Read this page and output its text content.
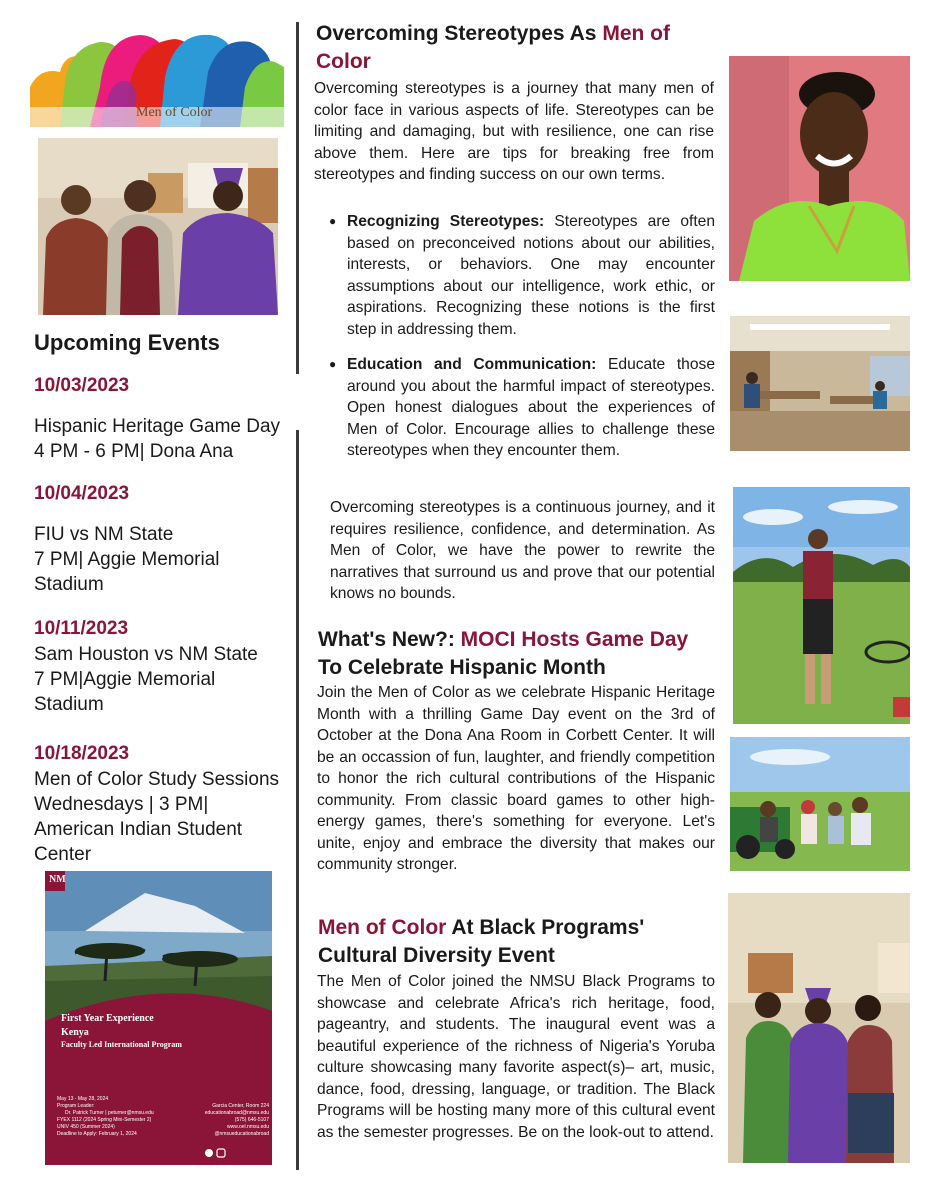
Men of Color
Upcoming Events
10/03/2023
Hispanic Heritage Game Day
4 PM - 6 PM| Dona Ana
10/04/2023
FIU vs NM State
7 PM| Aggie Memorial
Stadium
10/11/2023
Sam Houston vs NM State
7 PM|Aggie Memorial
Stadium
10/18/2023
Men of Color Study Sessions
Wednesdays | 3 PM|
American Indian Student
Center
NM
First Year Experience
Kenya
Faculty Led International Program
May 13 - May 28, 2024
Program Leader:
Dr. Patrick Turner | peturner@nmsu.edu
FYEX 1112 (2024 Spring Mini-Semester 2)
UNIV 450 (Summer 2024)
Deadline to Apply: February 1, 2024
Garcia Center, Room 224
educationabroad@nmsu.edu
(575) 646-5107
www.oel.nmsu.edu
@nmsueducationabroad
Overcoming Stereotypes As Men of
Color
Overcoming stereotypes is a journey that many men of color face in various aspects of life. Stereotypes can be limiting and damaging, but with resilience, one can rise above them. Here are tips for breaking free from stereotypes and finding success on our own terms.
● Recognizing Stereotypes: Stereotypes are often based on preconceived notions about our abilities, interests, or behaviors. One may encounter assumptions about our intelligence, work ethic, or aspirations. Recognizing these notions is the first step in addressing them.
● Education and Communication: Educate those around you about the harmful impact of stereotypes. Open honest dialogues about the experiences of Men of Color. Encourage allies to challenge these stereotypes when they encounter them.
Overcoming stereotypes is a continuous journey, and it requires resilience, confidence, and determination. As Men of Color, we have the power to rewrite the narratives that surround us and prove that our potential knows no bounds.
What's New?: MOCI Hosts Game Day
To Celebrate Hispanic Month
Join the Men of Color as we celebrate Hispanic Heritage Month with a thrilling Game Day event on the 3rd of October at the Dona Ana Room in Corbett Center. It will be an occassion of fun, laughter, and friendly competition to honor the rich cultural contributions of the Hispanic community. From classic board games to other high-energy games, there's something for everyone. Let's unite, enjoy and embrace the diversity that makes our community stronger.
Men of Color At Black Programs'
Cultural Diversity Event
The Men of Color joined the NMSU Black Programs to showcase and celebrate Africa's rich heritage, food, pageantry, and students. The inaugural event was a beautiful experience of the richness of Nigeria's Yoruba culture showcasing many favorite aspect(s)– art, music, dance, food, dressing, language, or tradition. The Black Programs will be hosting many more of this cultural event as the semester progresses. Be on the look-out to attend.
